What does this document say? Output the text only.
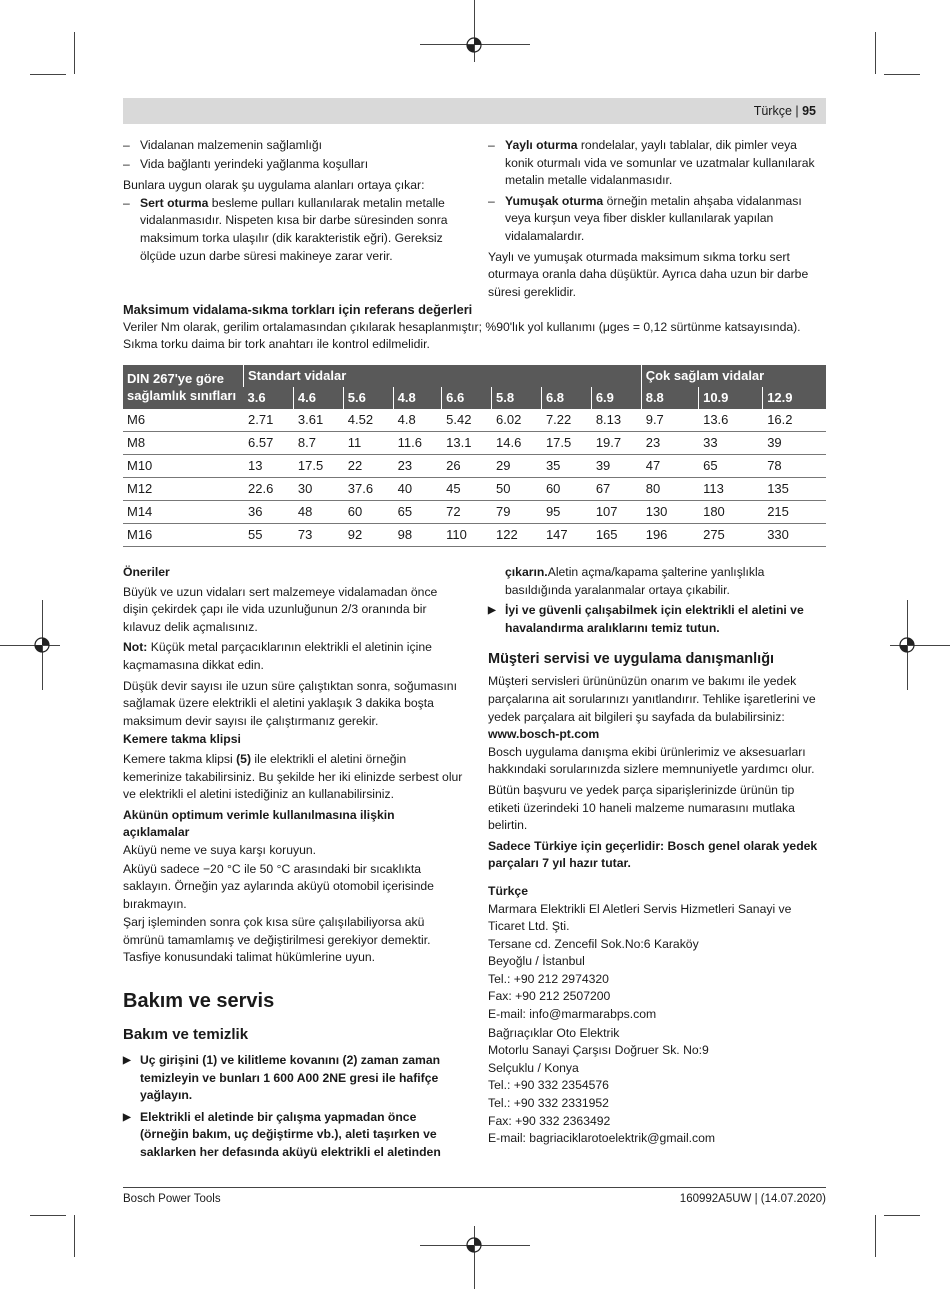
Türkçe | 95

– Vidalanan malzemenin sağlamlığı

– Vida bağlantı yerindeki yağlanma koşulları

Bunlara uygun olarak şu uygulama alanları ortaya çıkar:

– Sert oturma besleme pulları kullanılarak metalin metalle vidalanmasıdır. Nispeten kısa bir darbe süresinden sonra maksimum torka ulaşılır (dik karakteristik eğri). Gereksiz ölçüde uzun darbe süresi makineye zarar verir.

– Yaylı oturma rondelalar, yaylı tablalar, dik pimler veya konik oturmalı vida ve somunlar ve uzatmalar kullanılarak metalin metalle vidalanmasıdır.

– Yumuşak oturma örneğin metalin ahşaba vidalanması veya kurşun veya fiber diskler kullanılarak yapılan vidalamalardır.

Yaylı ve yumuşak oturmada maksimum sıkma torku sert oturmaya oranla daha düşüktür. Ayrıca daha uzun bir darbe süresi gereklidir.

Maksimum vidalama-sıkma torkları için referans değerleri

Veriler Nm olarak, gerilim ortalamasından çıkılarak hesaplanmıştır; %90'lık yol kullanımı (μges = 0,12 sürtünme katsayısında).

Sıkma torku daima bir tork anahtarı ile kontrol edilmelidir.

DIN 267'ye göre sağlamlık sınıfları	Standart vidalar								Çok sağlam vidalar		
	3.6	4.6	5.6	4.8	6.6	5.8	6.8	6.9	8.8	10.9	12.9
M6	2.71	3.61	4.52	4.8	5.42	6.02	7.22	8.13	9.7	13.6	16.2
M8	6.57	8.7	11	11.6	13.1	14.6	17.5	19.7	23	33	39
M10	13	17.5	22	23	26	29	35	39	47	65	78
M12	22.6	30	37.6	40	45	50	60	67	80	113	135
M14	36	48	60	65	72	79	95	107	130	180	215
M16	55	73	92	98	110	122	147	165	196	275	330

Öneriler

Büyük ve uzun vidaları sert malzemeye vidalamadan önce dişin çekirdek çapı ile vida uzunluğunun 2/3 oranında bir kılavuz delik açmalısınız.

Not: Küçük metal parçacıklarının elektrikli el aletinin içine kaçmamasına dikkat edin.

Düşük devir sayısı ile uzun süre çalıştıktan sonra, soğumasını sağlamak üzere elektrikli el aletini yaklaşık 3 dakika boşta maksimum devir sayısı ile çalıştırmanız gerekir.

Kemere takma klipsi

Kemere takma klipsi (5) ile elektrikli el aletini örneğin kemerinize takabilirsiniz. Bu şekilde her iki elinizde serbest olur ve elektrikli el aletini istediğiniz an kullanabilirsiniz.

Akünün optimum verimle kullanılmasına ilişkin açıklamalar

Aküyü neme ve suya karşı koruyun.

Aküyü sadece −20 °C ile 50 °C arasındaki bir sıcaklıkta saklayın. Örneğin yaz aylarında aküyü otomobil içerisinde bırakmayın.

Şarj işleminden sonra çok kısa süre çalışılabiliyorsa akü ömrünü tamamlamış ve değiştirilmesi gerekiyor demektir.

Tasfiye konusundaki talimat hükümlerine uyun.

Bakım ve servis

Bakım ve temizlik

▶ Uç girişini (1) ve kilitleme kovanını (2) zaman zaman temizleyin ve bunları 1 600 A00 2NE gresi ile hafifçe yağlayın.

▶ Elektrikli el aletinde bir çalışma yapmadan önce (örneğin bakım, uç değiştirme vb.), aleti taşırken ve saklarken her defasında aküyü elektrikli el aletinden

çıkarın.Aletin açma/kapama şalterine yanlışlıkla basıldığında yaralanmalar ortaya çıkabilir.

▶ İyi ve güvenli çalışabilmek için elektrikli el aletini ve havalandırma aralıklarını temiz tutun.

Müşteri servisi ve uygulama danışmanlığı

Müşteri servisleri ürününüzün onarım ve bakımı ile yedek parçalarına ait sorularınızı yanıtlandırır. Tehlike işaretlerini ve yedek parçalara ait bilgileri şu sayfada da bulabilirsiniz:

www.bosch-pt.com

Bosch uygulama danışma ekibi ürünlerimiz ve aksesuarları hakkındaki sorularınızda sizlere memnuniyetle yardımcı olur.

Bütün başvuru ve yedek parça siparişlerinizde ürünün tip etiketi üzerindeki 10 haneli malzeme numarasını mutlaka belirtin.

Sadece Türkiye için geçerlidir: Bosch genel olarak yedek parçaları 7 yıl hazır tutar.

Türkçe

Marmara Elektrikli El Aletleri Servis Hizmetleri Sanayi ve Ticaret Ltd. Şti.

Tersane cd. Zencefil Sok.No:6 Karaköy

Beyoğlu / İstanbul

Tel.: +90 212 2974320

Fax: +90 212 2507200

E-mail: info@marmarabps.com

Bağrıaçıklar Oto Elektrik

Motorlu Sanayi Çarşısı Doğruer Sk. No:9

Selçuklu / Konya

Tel.: +90 332 2354576

Tel.: +90 332 2331952

Fax: +90 332 2363492

E-mail: bagriaciklarotoelektrik@gmail.com

Bosch Power Tools	160992A5UW | (14.07.2020)
